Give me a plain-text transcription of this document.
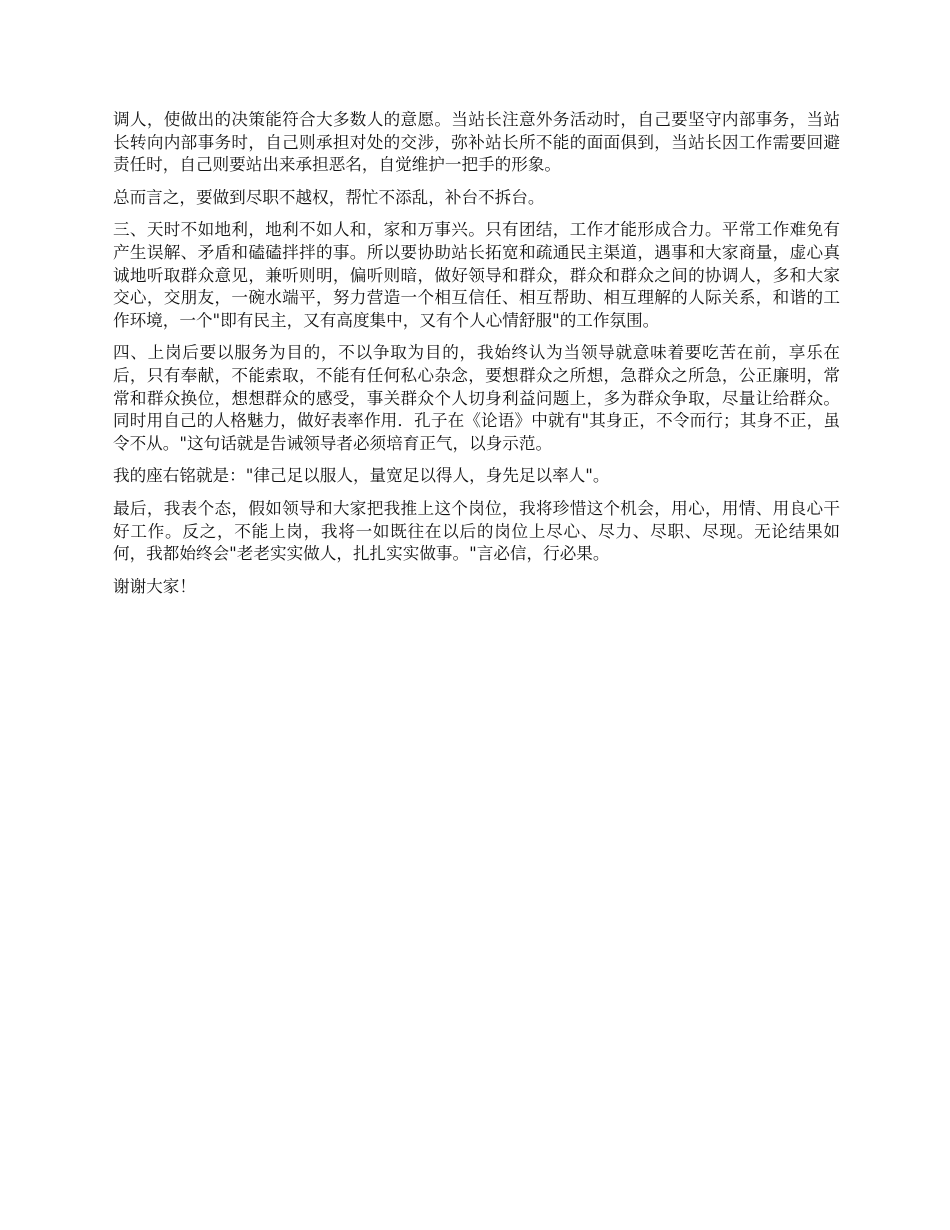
调人，使做出的决策能符合大多数人的意愿。当站长注意外务活动时，自己要坚守内部事务，当站长转向内部事务时，自己则承担对处的交涉，弥补站长所不能的面面俱到，当站长因工作需要回避责任时，自己则要站出来承担恶名，自觉维护一把手的形象。

总而言之，要做到尽职不越权，帮忙不添乱，补台不拆台。

三、天时不如地利，地利不如人和，家和万事兴。只有团结，工作才能形成合力。平常工作难免有产生误解、矛盾和磕磕拌拌的事。所以要协助站长拓宽和疏通民主渠道，遇事和大家商量，虚心真诚地听取群众意见，兼听则明，偏听则暗，做好领导和群众，群众和群众之间的协调人，多和大家交心，交朋友，一碗水端平，努力营造一个相互信任、相互帮助、相互理解的人际关系，和谐的工作环境，一个"即有民主，又有高度集中，又有个人心情舒服"的工作氛围。

四、上岗后要以服务为目的，不以争取为目的，我始终认为当领导就意味着要吃苦在前，享乐在后，只有奉献，不能索取，不能有任何私心杂念，要想群众之所想，急群众之所急，公正廉明，常常和群众换位，想想群众的感受，事关群众个人切身利益问题上，多为群众争取，尽量让给群众。同时用自己的人格魅力，做好表率作用．孔子在《论语》中就有"其身正，不令而行；其身不正，虽令不从。"这句话就是告诫领导者必须培育正气，以身示范。

我的座右铭就是："律己足以服人，量宽足以得人，身先足以率人"。

最后，我表个态，假如领导和大家把我推上这个岗位，我将珍惜这个机会，用心，用情、用良心干好工作。反之，不能上岗，我将一如既往在以后的岗位上尽心、尽力、尽职、尽现。无论结果如何，我都始终会"老老实实做人，扎扎实实做事。"言必信，行必果。

谢谢大家！
